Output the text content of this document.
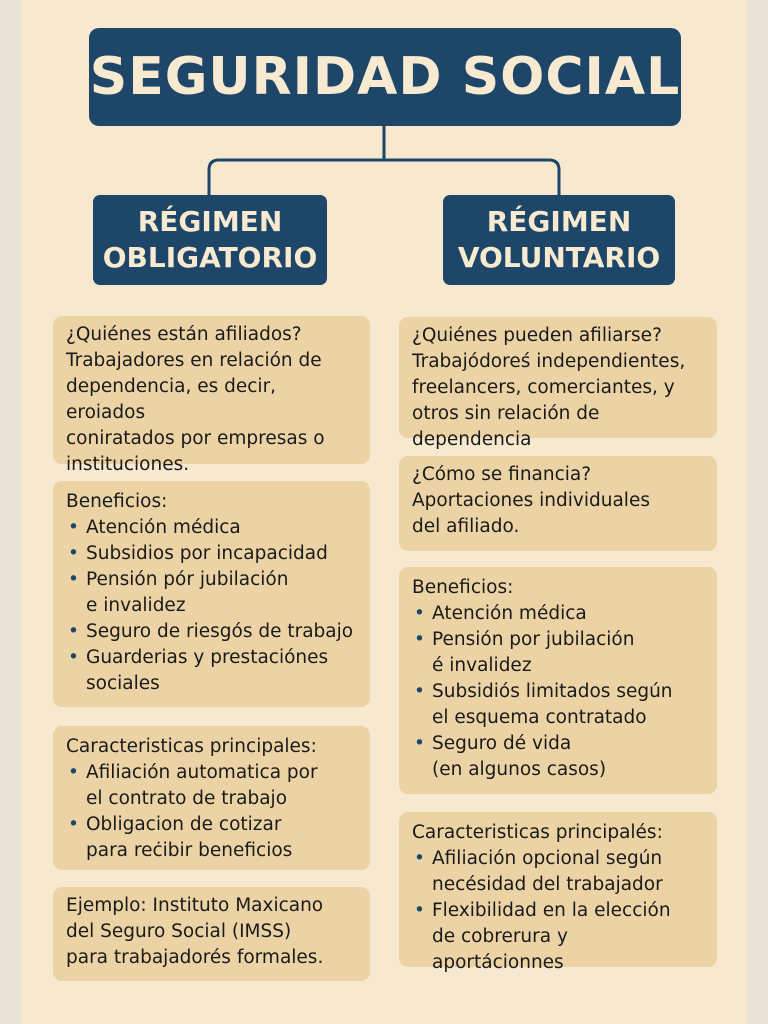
SEGURIDAD SOCIAL
RÉGIMEN
OBLIGATORIO
RÉGIMEN
VOLUNTARIO
¿Quiénes están afiliados?
Trabajadores en relación de
dependencia, es decir, eroiados
coniratados por empresas o
instituciones.
Beneficios:
• Atención médica
• Subsidios por incapacidad
• Pensión pór jubilación
e invalidez
• Seguro de riesgós de trabajo
• Guarderias y prestaciónes
sociales
Caracteristicas principales:
• Afiliación automatica por
el contrato de trabajo
• Obligacion de cotizar
para reċibir beneficios
Ejemplo: Instituto Maxicano
del Seguro Social (IMSS)
para trabajadorés formales.
¿Quiénes pueden afiliarse?
Trabajódoreś independientes,
freelancers, comerciantes, y
otros sin relación de dependencia
¿Cómo se financia?
Aportaciones individuales
del afiliado.
Beneficios:
• Atención médica
• Pensión por jubilación
é invalidez
• Subsidiós limitados según
el esquema contratado
• Seguro dé vida
(en algunos casos)
Caracteristicas principalés:
• Afiliación opcional según
necésidad del trabajador
• Flexibilidad en la elección
de cobrerura y aportácionnes
